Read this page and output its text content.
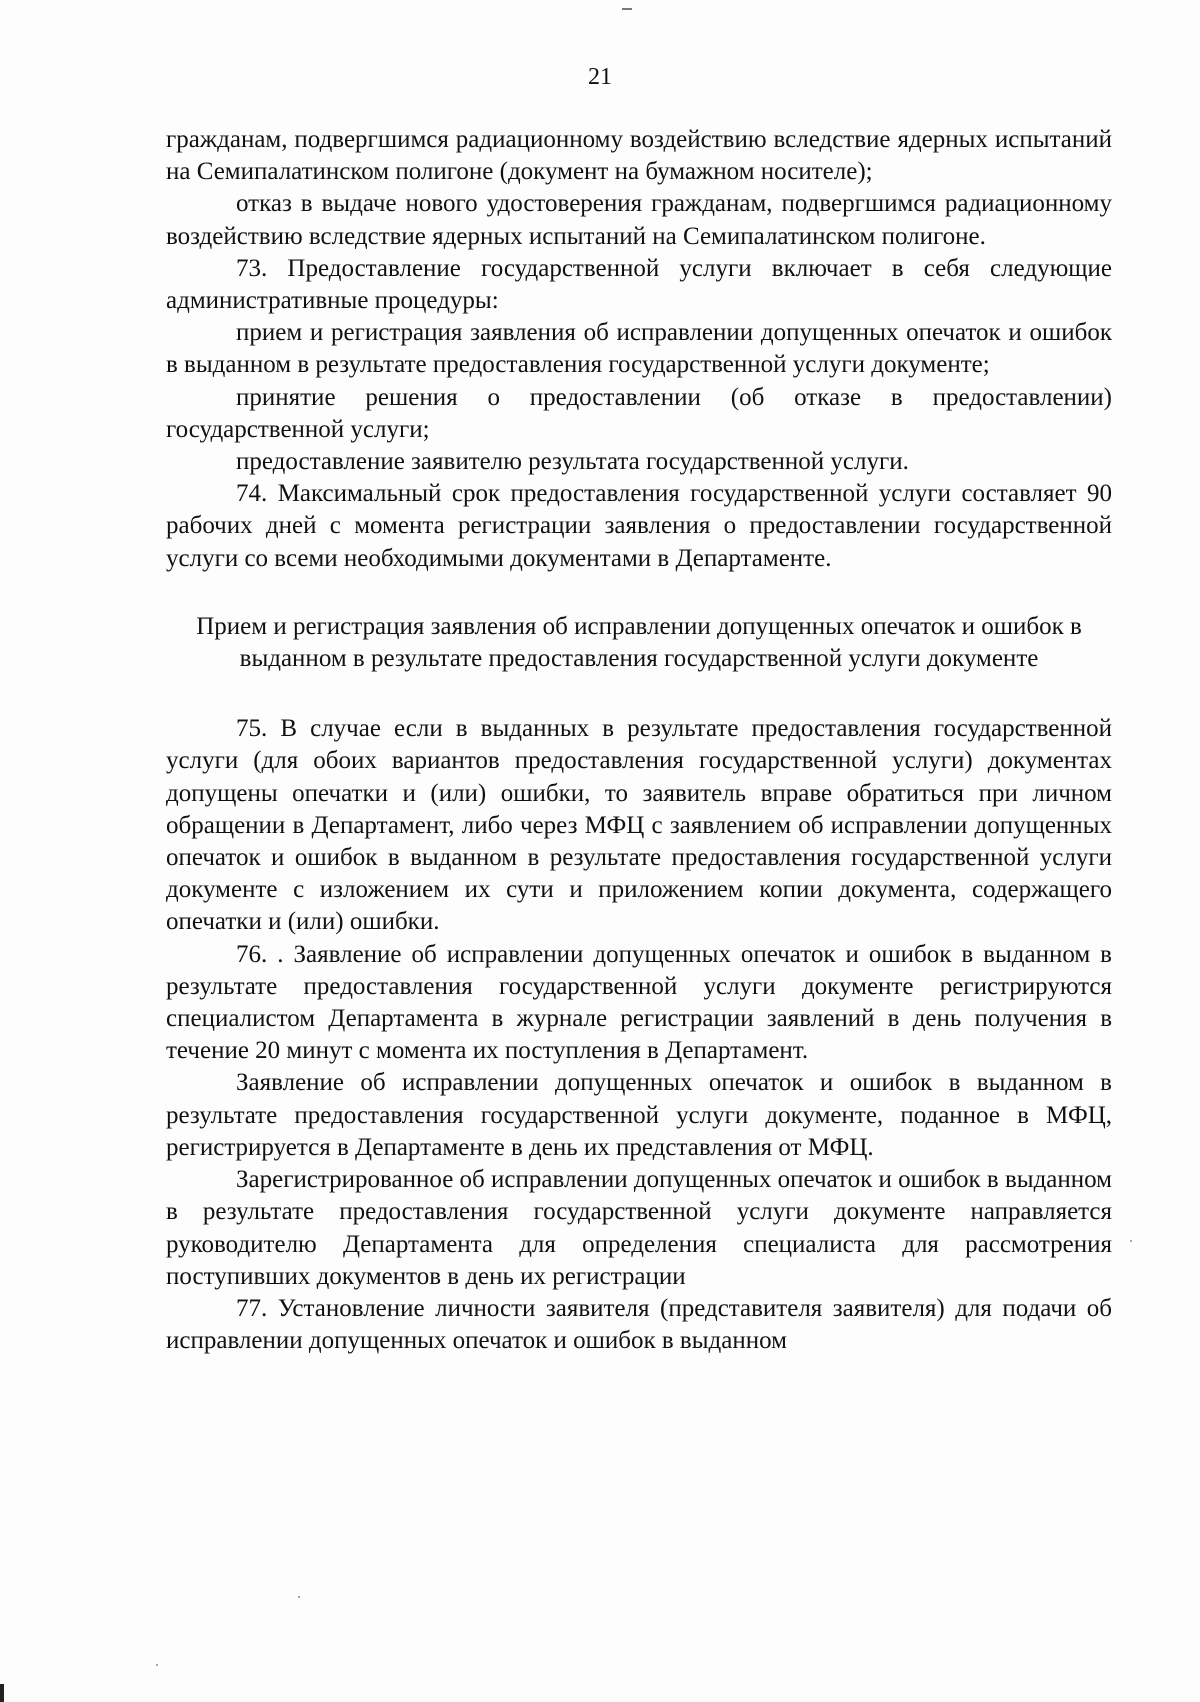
21

гражданам, подвергшимся радиационному воздействию вследствие ядерных испытаний на Семипалатинском полигоне (документ на бумажном носителе);

отказ в выдаче нового удостоверения гражданам, подвергшимся радиационному воздействию вследствие ядерных испытаний на Семипалатинском полигоне.

73. Предоставление государственной услуги включает в себя следующие административные процедуры:

прием и регистрация заявления об исправлении допущенных опечаток и ошибок в выданном в результате предоставления государственной услуги документе;

принятие решения о предоставлении (об отказе в предоставлении) государственной услуги;

предоставление заявителю результата государственной услуги.

74. Максимальный срок предоставления государственной услуги составляет 90 рабочих дней с момента регистрации заявления о предоставлении государственной услуги со всеми необходимыми документами в Департаменте.

Прием и регистрация заявления об исправлении допущенных опечаток и ошибок в выданном в результате предоставления государственной услуги документе

75. В случае если в выданных в результате предоставления государственной услуги (для обоих вариантов предоставления государственной услуги) документах допущены опечатки и (или) ошибки, то заявитель вправе обратиться при личном обращении в Департамент, либо через МФЦ с заявлением об исправлении допущенных опечаток и ошибок в выданном в результате предоставления государственной услуги документе с изложением их сути и приложением копии документа, содержащего опечатки и (или) ошибки.

76. . Заявление об исправлении допущенных опечаток и ошибок в выданном в результате предоставления государственной услуги документе регистрируются специалистом Департамента в журнале регистрации заявлений в день получения в течение 20 минут с момента их поступления в Департамент.

Заявление об исправлении допущенных опечаток и ошибок в выданном в результате предоставления государственной услуги документе, поданное в МФЦ, регистрируется в Департаменте в день их представления от МФЦ.

Зарегистрированное об исправлении допущенных опечаток и ошибок в выданном в результате предоставления государственной услуги документе направляется руководителю Департамента для определения специалиста для рассмотрения поступивших документов в день их регистрации

77. Установление личности заявителя (представителя заявителя) для подачи об исправлении допущенных опечаток и ошибок в выданном
